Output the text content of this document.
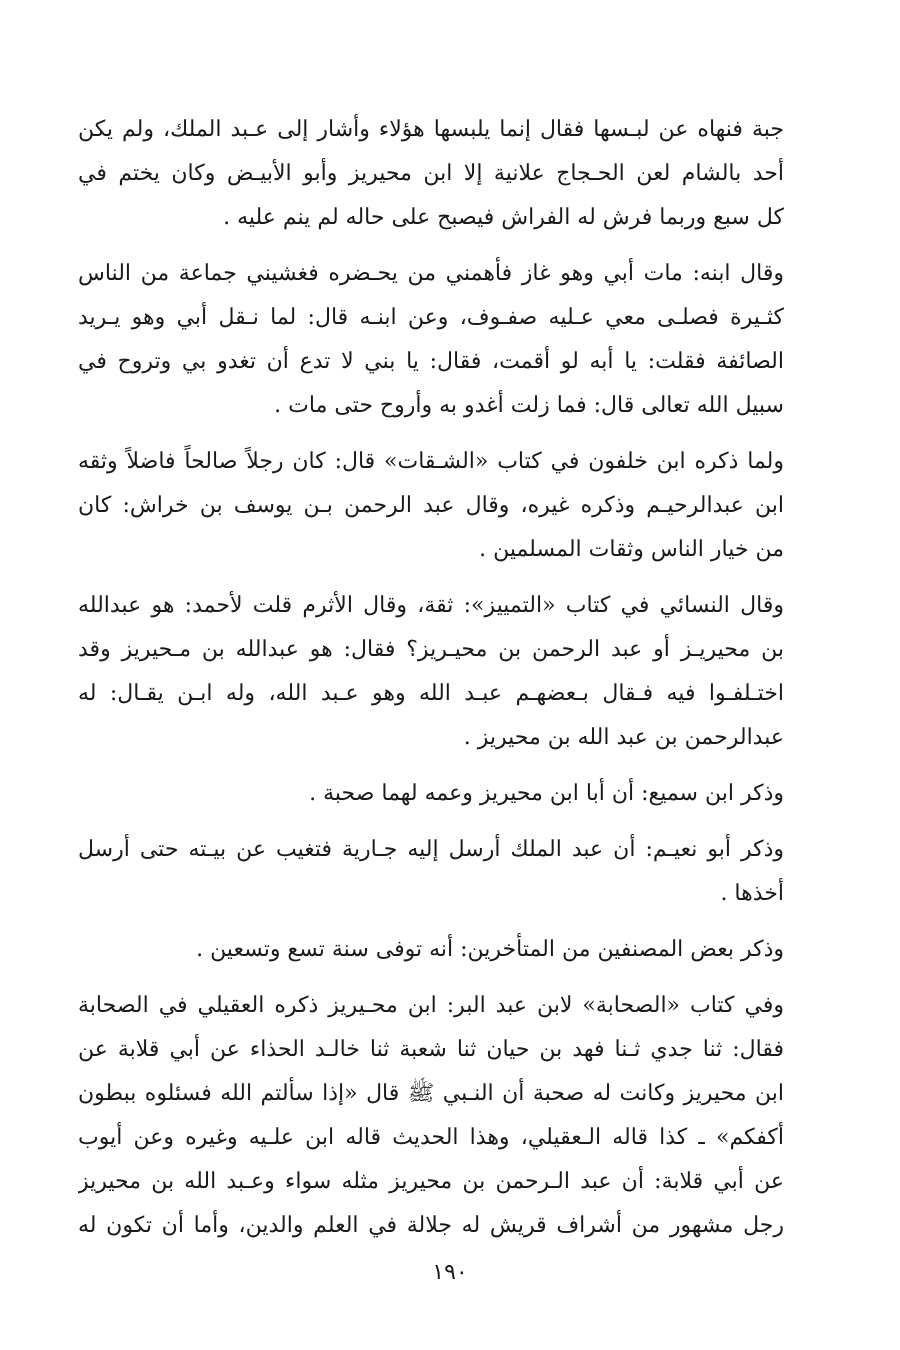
جبة فنهاه عن لبـسها فقال إنما يلبسها هؤلاء وأشار إلى عـبد الملك، ولم يكن
أحد بالشام لعن الحـجاج علانية إلا ابن محيريز وأبو الأبيـض وكان يختم في
كل سبع وربما فرش له الفراش فيصبح على حاله لم ينم عليه .
وقال ابنه: مات أبي وهو غاز فأهمني من يحـضره فغشيني جماعة من الناس
كثـيرة فصلـى معي عـليه صفـوف، وعن ابنـه قال: لما نـقل أبي وهو يـريد
الصائفة فقلت: يا أبه لو أقمت، فقال: يا بني لا تدع أن تغدو بي وتروح في
سبيل الله تعالى قال: فما زلت أغدو به وأروح حتى مات .
ولما ذكره ابن خلفون في كتاب «الشـقات» قال: كان رجلاً صالحاً فاضلاً وثقه
ابن عبدالرحيـم وذكره غيره، وقال عبد الرحمن بـن يوسف بن خراش: كان
من خيار الناس وثقات المسلمين .
وقال النسائي في كتاب «التمييز»: ثقة، وقال الأثرم قلت لأحمد: هو عبدالله
بن محيريـز أو عبد الرحمن بن محيـريز؟ فقال: هو عبدالله بن مـحيريز وقد
اختـلفـوا فيه فـقال بـعضهـم عبـد الله وهو عـبد الله، وله ابـن يقـال: له
عبدالرحمن بن عبد الله بن محيريز .
وذكر ابن سميع: أن أبا ابن محيريز وعمه لهما صحبة .
وذكر أبو نعيـم: أن عبد الملك أرسل إليه جـارية فتغيب عن بيـته حتى أرسل
أخذها .
وذكر بعض المصنفين من المتأخرين: أنه توفى سنة تسع وتسعين .
وفي كتاب «الصحابة» لابن عبد البر: ابن محـيريز ذكره العقيلي في الصحابة
فقال: ثنا جدي ثـنا فهد بن حيان ثنا شعبة ثنا خالـد الحذاء عن أبي قلابة عن
ابن محيريز وكانت له صحبة أن النـبي ﷺ قال «إذا سألتم الله فسئلوه ببطون
أكفكم» ـ كذا قاله الـعقيلي، وهذا الحديث قاله ابن علـيه وغيره وعن أيوب
عن أبي قلابة: أن عبد الـرحمن بن محيريز مثله سواء وعـبد الله بن محيريز
رجل مشهور من أشراف قريش له جلالة في العلم والدين، وأما أن تكون له
١٩٠
